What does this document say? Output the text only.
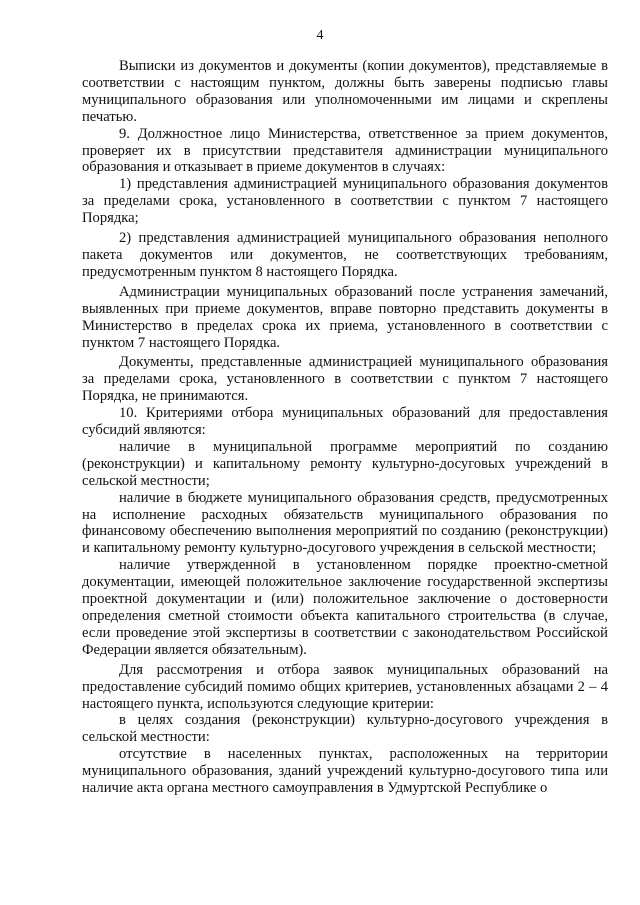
4

Выписки из документов и документы (копии документов), представляемые в соответствии с настоящим пунктом, должны быть заверены подписью главы муниципального образования или уполномоченными им лицами и скреплены печатью.

9. Должностное лицо Министерства, ответственное за прием документов, проверяет их в присутствии представителя администрации муниципального образования и отказывает в приеме документов в случаях:

1) представления администрацией муниципального образования документов за пределами срока, установленного в соответствии с пунктом 7 настоящего Порядка;

2) представления администрацией муниципального образования неполного пакета документов или документов, не соответствующих требованиям, предусмотренным пунктом 8 настоящего Порядка.

Администрации муниципальных образований после устранения замечаний, выявленных при приеме документов, вправе повторно представить документы в Министерство в пределах срока их приема, установленного в соответствии с пунктом 7 настоящего Порядка.

Документы, представленные администрацией муниципального образования за пределами срока, установленного в соответствии с пунктом 7 настоящего Порядка, не принимаются.

10. Критериями отбора муниципальных образований для предоставления субсидий являются:

наличие в муниципальной программе мероприятий по созданию (реконструкции) и капитальному ремонту культурно-досуговых учреждений в сельской местности;

наличие в бюджете муниципального образования средств, предусмотренных на исполнение расходных обязательств муниципального образования по финансовому обеспечению выполнения мероприятий по созданию (реконструкции) и капитальному ремонту культурно-досугового учреждения в сельской местности;

наличие утвержденной в установленном порядке проектно-сметной документации, имеющей положительное заключение государственной экспертизы проектной документации и (или) положительное заключение о достоверности определения сметной стоимости объекта капитального строительства (в случае, если проведение этой экспертизы в соответствии с законодательством Российской Федерации является обязательным).

Для рассмотрения и отбора заявок муниципальных образований на предоставление субсидий помимо общих критериев, установленных абзацами 2 – 4 настоящего пункта, используются следующие критерии:

в целях создания (реконструкции) культурно-досугового учреждения в сельской местности:

отсутствие в населенных пунктах, расположенных на территории муниципального образования, зданий учреждений культурно-досугового типа или наличие акта органа местного самоуправления в Удмуртской Республике о
